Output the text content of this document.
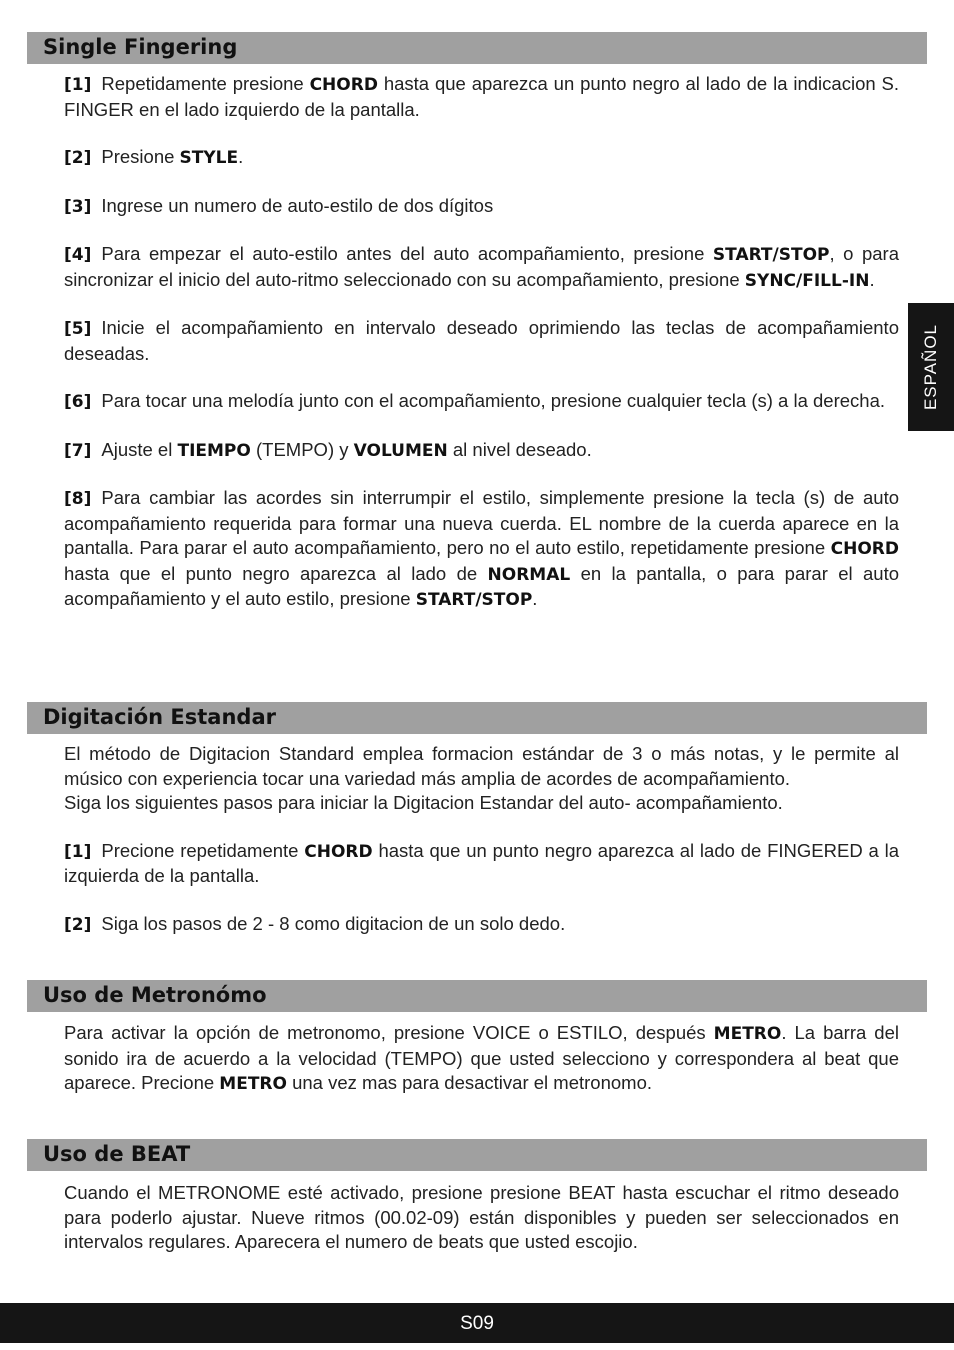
Single Fingering

[1] Repetidamente presione CHORD hasta que aparezca un punto negro al lado de la indicacion S. FINGER en el lado izquierdo de la pantalla.

[2] Presione STYLE.

[3] Ingrese un numero de auto-estilo de dos dígitos

[4] Para empezar el auto-estilo antes del auto acompañamiento, presione START/STOP, o para sincronizar el inicio del auto-ritmo seleccionado con su acompañamiento, presione SYNC/FILL-IN.

[5] Inicie el acompañamiento en intervalo deseado oprimiendo las teclas de acompañamiento deseadas.

[6] Para tocar una melodía junto con el acompañamiento, presione cualquier tecla (s) a la derecha.

[7] Ajuste el TIEMPO (TEMPO) y VOLUMEN al nivel deseado.

[8] Para cambiar las acordes sin interrumpir el estilo, simplemente presione la tecla (s) de auto acompañamiento requerida para formar una nueva cuerda. EL nombre de la cuerda aparece en la pantalla. Para parar el auto acompañamiento, pero no el auto estilo, repetidamente presione CHORD hasta que el punto negro aparezca al lado de NORMAL en la pantalla, o para parar el auto acompañamiento y el auto estilo, presione START/STOP.

Digitación Estandar

El método de Digitacion Standard emplea formacion estándar de 3 o más notas, y le permite al músico con experiencia tocar una variedad más amplia de acordes de acompañamiento.

Siga los siguientes pasos para iniciar la Digitacion Estandar del auto- acompañamiento.

[1] Precione repetidamente CHORD hasta que un punto negro aparezca al lado de FINGERED a la izquierda de la pantalla.

[2] Siga los pasos de 2 - 8 como digitacion de un solo dedo.

Uso de Metronómo

Para activar la opción de metronomo, presione VOICE o ESTILO, después METRO. La barra del sonido ira de acuerdo a la velocidad (TEMPO) que usted selecciono y correspondera al beat que aparece. Precione METRO una vez mas para desactivar el metronomo.

Uso de BEAT

Cuando el METRONOME esté activado, presione presione BEAT hasta escuchar el ritmo deseado para poderlo ajustar. Nueve ritmos (00.02-09) están disponibles y pueden ser seleccionados en intervalos regulares. Aparecera el numero de beats que usted escojio.

ESPAÑOL
S09
